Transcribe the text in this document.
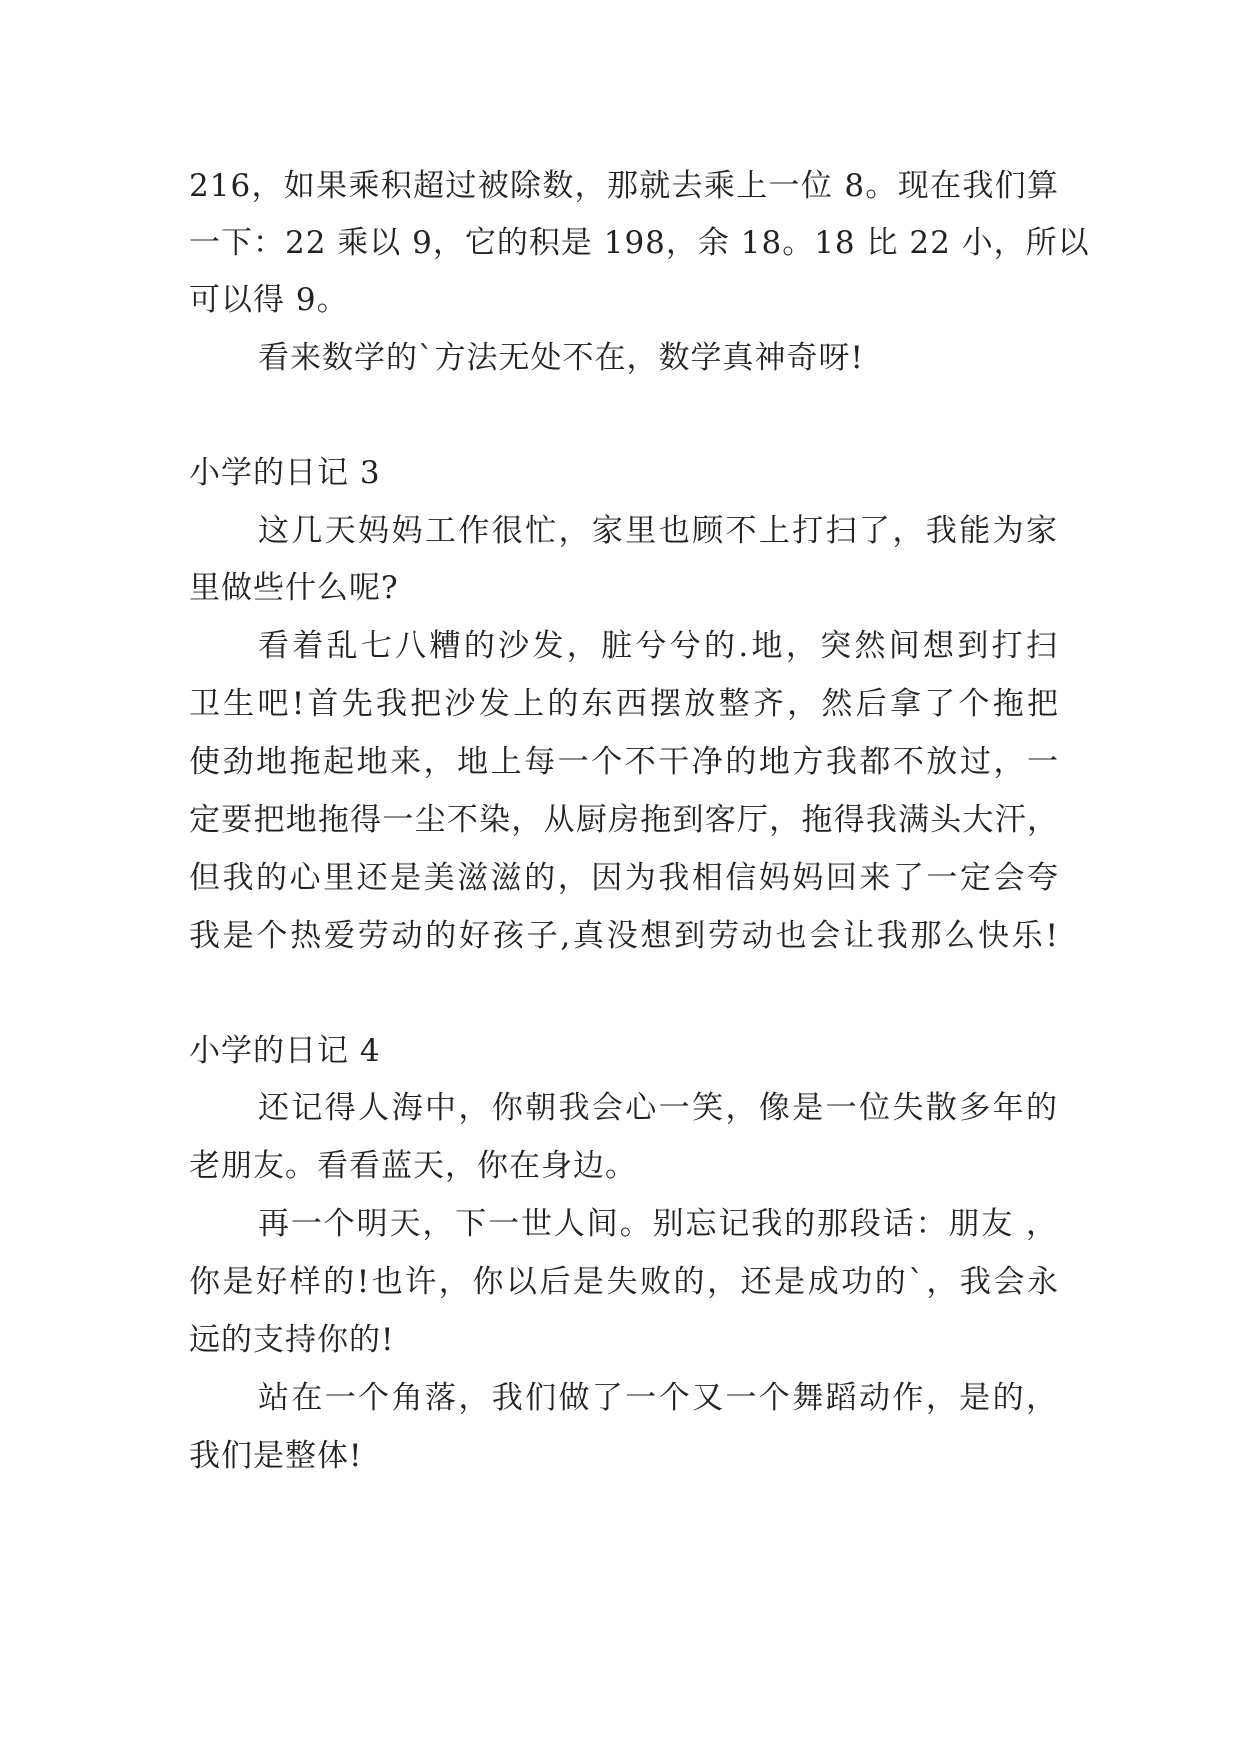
216，如果乘积超过被除数，那就去乘上一位 8。现在我们算
一下：22 乘以 9，它的积是 198，余 18。18 比 22 小，所以
可以得 9。
看来数学的`方法无处不在，数学真神奇呀!
小学的日记 3
这几天妈妈工作很忙，家里也顾不上打扫了，我能为家
里做些什么呢?
看着乱七八糟的沙发，脏兮兮的.地，突然间想到打扫
卫生吧!首先我把沙发上的东西摆放整齐，然后拿了个拖把
使劲地拖起地来，地上每一个不干净的地方我都不放过，一
定要把地拖得一尘不染，从厨房拖到客厅，拖得我满头大汗，
但我的心里还是美滋滋的，因为我相信妈妈回来了一定会夸
我是个热爱劳动的好孩子,真没想到劳动也会让我那么快乐!
小学的日记 4
还记得人海中，你朝我会心一笑，像是一位失散多年的
老朋友。看看蓝天，你在身边。
再一个明天，下一世人间。别忘记我的那段话：朋友 ，
你是好样的!也许，你以后是失败的，还是成功的`，我会永
远的支持你的!
站在一个角落，我们做了一个又一个舞蹈动作，是的，
我们是整体!
